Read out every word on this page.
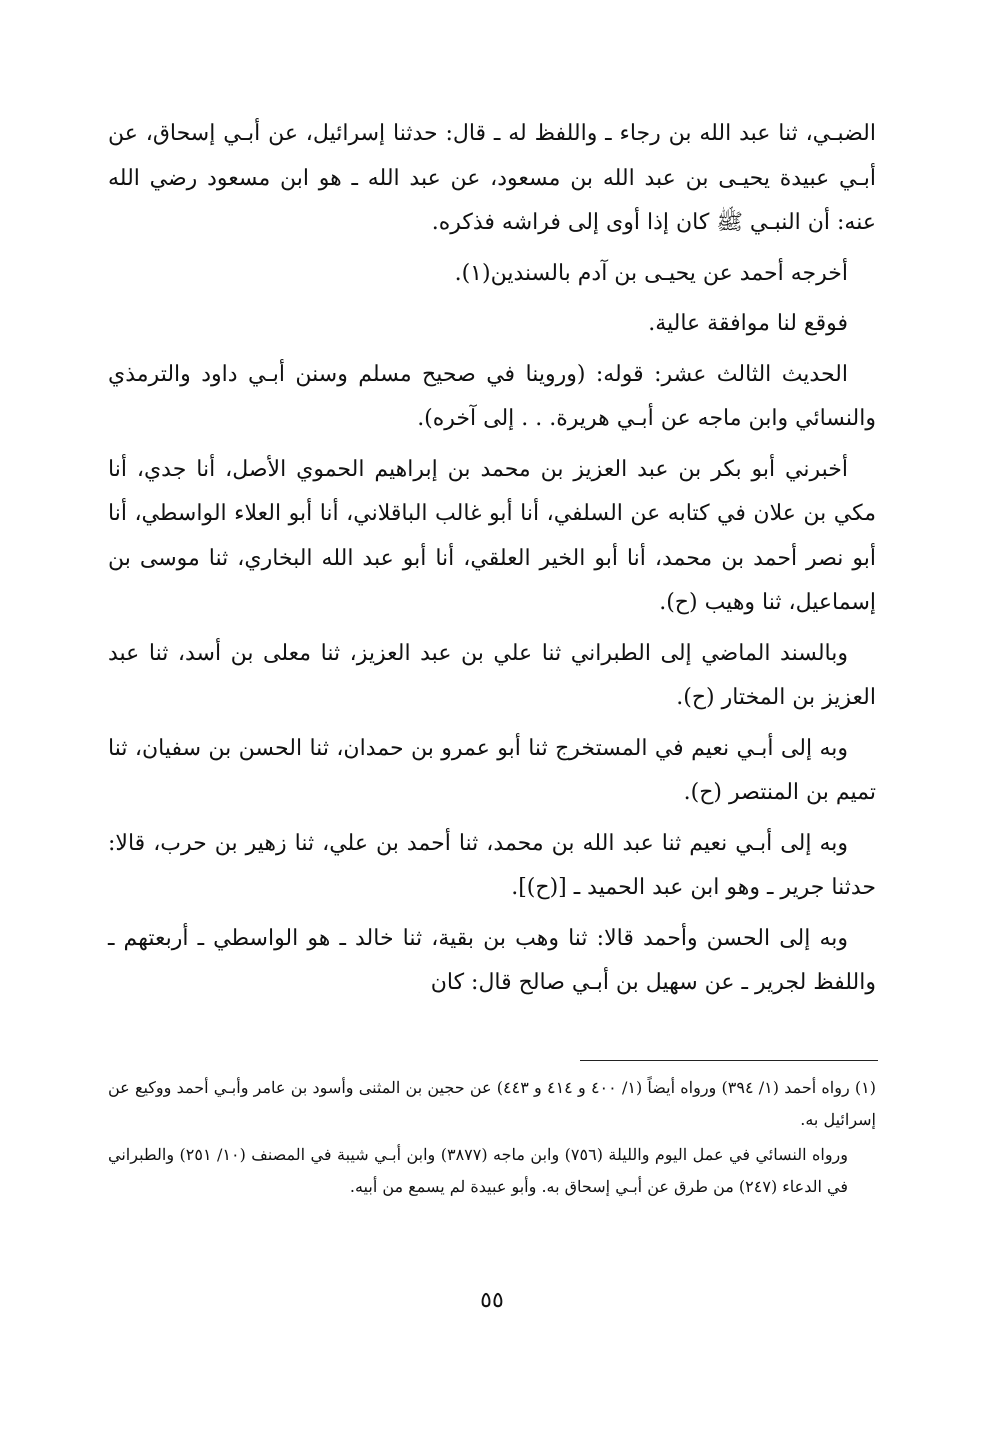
الضبـي، ثنا عبد الله بن رجاء ـ واللفظ له ـ قال: حدثنا إسرائيل، عن أبـي إسحاق، عن أبـي عبيدة يحيـى بن عبد الله بن مسعود، عن عبد الله ـ هو ابن مسعود رضي الله عنه: أن النبـي ﷺ كان إذا أوى إلى فراشه فذكره.

أخرجه أحمد عن يحيـى بن آدم بالسندين(١).

فوقع لنا موافقة عالية.

الحديث الثالث عشر: قوله: (وروينا في صحيح مسلم وسنن أبـي داود والترمذي والنسائي وابن ماجه عن أبـي هريرة. . . إلى آخره).

أخبرني أبو بكر بن عبد العزيز بن محمد بن إبراهيم الحموي الأصل، أنا جدي، أنا مكي بن علان في كتابه عن السلفي، أنا أبو غالب الباقلاني، أنا أبو العلاء الواسطي، أنا أبو نصر أحمد بن محمد، أنا أبو الخير العلقي، أنا أبو عبد الله البخاري، ثنا موسى بن إسماعيل، ثنا وهيب (ح).

وبالسند الماضي إلى الطبراني ثنا علي بن عبد العزيز، ثنا معلى بن أسد، ثنا عبد العزيز بن المختار (ح).

وبه إلى أبـي نعيم في المستخرج ثنا أبو عمرو بن حمدان، ثنا الحسن بن سفيان، ثنا تميم بن المنتصر (ح).

وبه إلى أبـي نعيم ثنا عبد الله بن محمد، ثنا أحمد بن علي، ثنا زهير بن حرب، قالا: حدثنا جرير ـ وهو ابن عبد الحميد ـ [(ح)].

وبه إلى الحسن وأحمد قالا: ثنا وهب بن بقية، ثنا خالد ـ هو الواسطي ـ أربعتهم ـ واللفظ لجرير ـ عن سهيل بن أبـي صالح قال: كان

(١) رواه أحمد (١/ ٣٩٤) ورواه أيضاً (١/ ٤٠٠ و ٤١٤ و ٤٤٣) عن حجين بن المثنى وأسود بن عامر وأبـي أحمد ووكيع عن إسرائيل به.

ورواه النسائي في عمل اليوم والليلة (٧٥٦) وابن ماجه (٣٨٧٧) وابن أبـي شيبة في المصنف (١٠/ ٢٥١) والطبراني في الدعاء (٢٤٧) من طرق عن أبـي إسحاق به. وأبو عبيدة لم يسمع من أبيه.

٥٥
